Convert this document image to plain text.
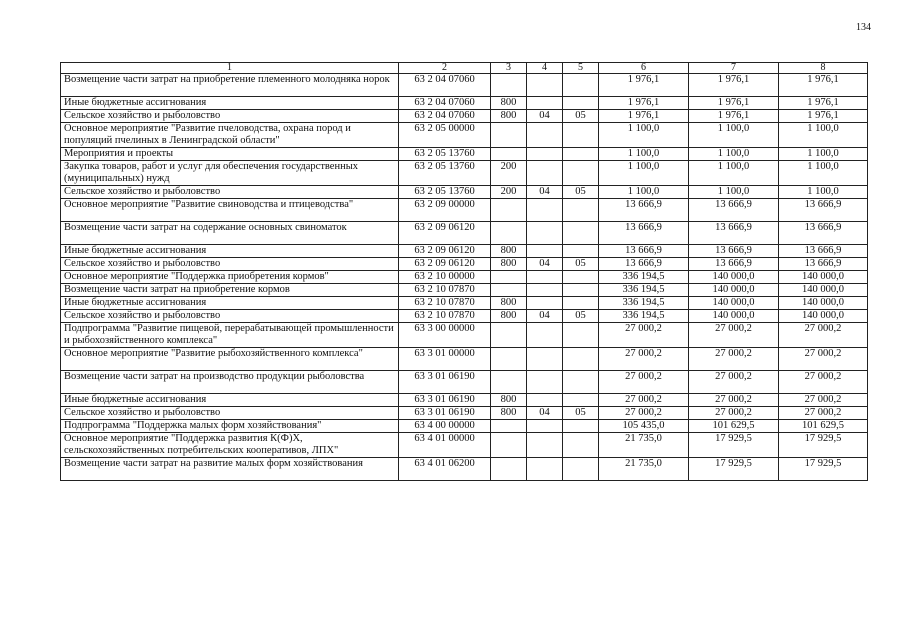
134
1	2	3	4	5	6	7	8
Возмещение части затрат на приобретение племенного молодняка норок	63 2 04 07060				1 976,1	1 976,1	1 976,1
Иные бюджетные ассигнования	63 2 04 07060	800			1 976,1	1 976,1	1 976,1
Сельское хозяйство и рыболовство	63 2 04 07060	800	04	05	1 976,1	1 976,1	1 976,1
Основное мероприятие "Развитие пчеловодства, охрана пород и популяций пчелиных в Ленинградской области"	63 2 05 00000				1 100,0	1 100,0	1 100,0
Мероприятия и проекты	63 2 05 13760				1 100,0	1 100,0	1 100,0
Закупка товаров, работ и услуг для обеспечения государственных (муниципальных) нужд	63 2 05 13760	200			1 100,0	1 100,0	1 100,0
Сельское хозяйство и рыболовство	63 2 05 13760	200	04	05	1 100,0	1 100,0	1 100,0
Основное мероприятие "Развитие свиноводства и птицеводства"	63 2 09 00000				13 666,9	13 666,9	13 666,9
Возмещение части затрат на содержание основных свиноматок	63 2 09 06120				13 666,9	13 666,9	13 666,9
Иные бюджетные ассигнования	63 2 09 06120	800			13 666,9	13 666,9	13 666,9
Сельское хозяйство и рыболовство	63 2 09 06120	800	04	05	13 666,9	13 666,9	13 666,9
Основное мероприятие "Поддержка приобретения кормов"	63 2 10 00000				336 194,5	140 000,0	140 000,0
Возмещение части затрат на приобретение кормов	63 2 10 07870				336 194,5	140 000,0	140 000,0
Иные бюджетные ассигнования	63 2 10 07870	800			336 194,5	140 000,0	140 000,0
Сельское хозяйство и рыболовство	63 2 10 07870	800	04	05	336 194,5	140 000,0	140 000,0
Подпрограмма "Развитие пищевой, перерабатывающей промышленности и рыбохозяйственного комплекса"	63 3 00 00000				27 000,2	27 000,2	27 000,2
Основное мероприятие "Развитие рыбохозяйственного комплекса"	63 3 01 00000				27 000,2	27 000,2	27 000,2
Возмещение части затрат на производство продукции рыболовства	63 3 01 06190				27 000,2	27 000,2	27 000,2
Иные бюджетные ассигнования	63 3 01 06190	800			27 000,2	27 000,2	27 000,2
Сельское хозяйство и рыболовство	63 3 01 06190	800	04	05	27 000,2	27 000,2	27 000,2
Подпрограмма "Поддержка малых форм хозяйствования"	63 4 00 00000				105 435,0	101 629,5	101 629,5
Основное мероприятие "Поддержка развития К(Ф)Х, сельскохозяйственных потребительских кооперативов, ЛПХ"	63 4 01 00000				21 735,0	17 929,5	17 929,5
Возмещение части затрат на развитие малых форм хозяйствования	63 4 01 06200				21 735,0	17 929,5	17 929,5
